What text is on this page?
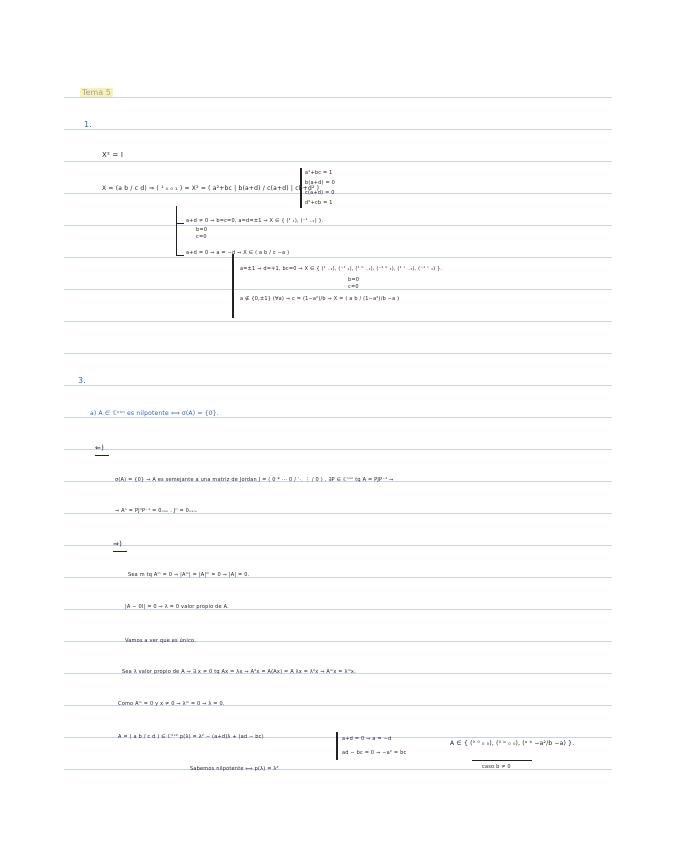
Tema 5
1.
X² = I
X = (a b / c d) ⇒ ( ¹ ₀ ₀ ₁ ) = X² = ( a²+bc | b(a+d) / c(a+d) | cb+d² )
a²+bc = 1
b(a+d) = 0
c(a+d) = 0
d²+cb = 1
a+d ≠ 0 ⇒ b=c=0, a=d=±1 ⇒ X ∈ { (¹ ₁), (⁻¹ ₋₁) }.
b=0
c=0
a+d = 0 ⇒ a = −d ⇒ X ∈ ( a b / c −a )
a=±1 ⇒ d=∓1, bc=0 ⇒ X ∈ { (¹ ₋₁), (⁻¹ ₁), (¹ ᵇ ₋₁), (⁻¹ ᵇ ₁), (¹ ᶜ ₋₁), (⁻¹ ᶜ ₁) }.
b=0
c=0
a ∉ {0,±1} (∀a) ⇒ c = (1−a²)/b ⇒ X = ( a b / (1−a²)/b −a )
3.
a) A ∈ ℂⁿˣⁿ es nilpotente ⟺ σ(A) = {0}.
⇐)
σ(A) = {0} ⇒ A es semejante a una matriz de Jordan J = ( 0 * ··· 0 / ⋱ ⋮ / 0 ) . ∃P ∈ ℂⁿˣⁿ tq A = PJP⁻¹ ⇒
⇒ Aⁿ = PJⁿP⁻¹ = 0ₙₓₙ . Jⁿ = 0ₙₓₙ.
⇒)
Sea m tq Aᵐ = 0 ⇒ |Aᵐ| = |A|ᵐ = 0 ⇒ |A| = 0.
|A − 0I| = 0 ⇒ λ = 0 valor propio de A.
Vamos a ver que es único.
Sea λ valor propio de A ⇒ ∃ x ≠ 0 tq Ax = λx ⇒ A²x = A(Ax) = A λx = λ²x ⇒ Aᵐx = λᵐx.
Como Aᵐ = 0 y x ≠ 0 ⇒ λᵐ = 0 ⇒ λ = 0.
A = ( a b / c d ) ∈ ℂ²ˣ² p(λ) = λ² − (a+d)λ + (ad − bc)	a+d = 0 ⇒ a = −d
ad − bc = 0 ⇒ −a² = bc
A ∈ { (⁰ ⁰ ₀ ₀), (⁰ ᵇ ₀ ₀), (ᵃ ᵇ −a²/b −a) }.
caso b ≠ 0
Sabemos nilpotente ⟺ p(λ) = λ²
